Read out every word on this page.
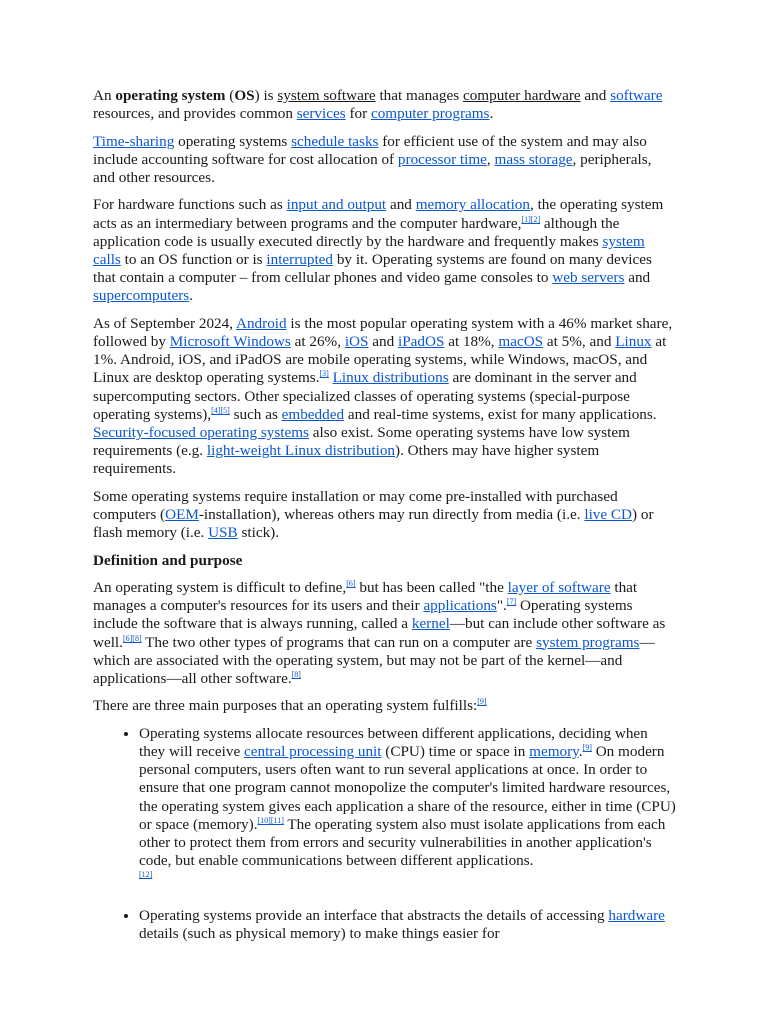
An operating system (OS) is system software that manages computer hardware and software resources, and provides common services for computer programs.

Time-sharing operating systems schedule tasks for efficient use of the system and may also include accounting software for cost allocation of processor time, mass storage, peripherals, and other resources.

For hardware functions such as input and output and memory allocation, the operating system acts as an intermediary between programs and the computer hardware,[1][2] although the application code is usually executed directly by the hardware and frequently makes system calls to an OS function or is interrupted by it. Operating systems are found on many devices that contain a computer – from cellular phones and video game consoles to web servers and supercomputers.

As of September 2024, Android is the most popular operating system with a 46% market share, followed by Microsoft Windows at 26%, iOS and iPadOS at 18%, macOS at 5%, and Linux at 1%. Android, iOS, and iPadOS are mobile operating systems, while Windows, macOS, and Linux are desktop operating systems.[3] Linux distributions are dominant in the server and supercomputing sectors. Other specialized classes of operating systems (special-purpose operating systems),[4][5] such as embedded and real-time systems, exist for many applications. Security-focused operating systems also exist. Some operating systems have low system requirements (e.g. light-weight Linux distribution). Others may have higher system requirements.

Some operating systems require installation or may come pre-installed with purchased computers (OEM-installation), whereas others may run directly from media (i.e. live CD) or flash memory (i.e. USB stick).

Definition and purpose

An operating system is difficult to define,[6] but has been called "the layer of software that manages a computer's resources for its users and their applications".[7] Operating systems include the software that is always running, called a kernel—but can include other software as well.[6][8] The two other types of programs that can run on a computer are system programs—which are associated with the operating system, but may not be part of the kernel—and applications—all other software.[8]

There are three main purposes that an operating system fulfills:[9]

• Operating systems allocate resources between different applications, deciding when they will receive central processing unit (CPU) time or space in memory.[9] On modern personal computers, users often want to run several applications at once. In order to ensure that one program cannot monopolize the computer's limited hardware resources, the operating system gives each application a share of the resource, either in time (CPU) or space (memory).[10][11] The operating system also must isolate applications from each other to protect them from errors and security vulnerabilities in another application's code, but enable communications between different applications.
[12]
• Operating systems provide an interface that abstracts the details of accessing hardware details (such as physical memory) to make things easier for
